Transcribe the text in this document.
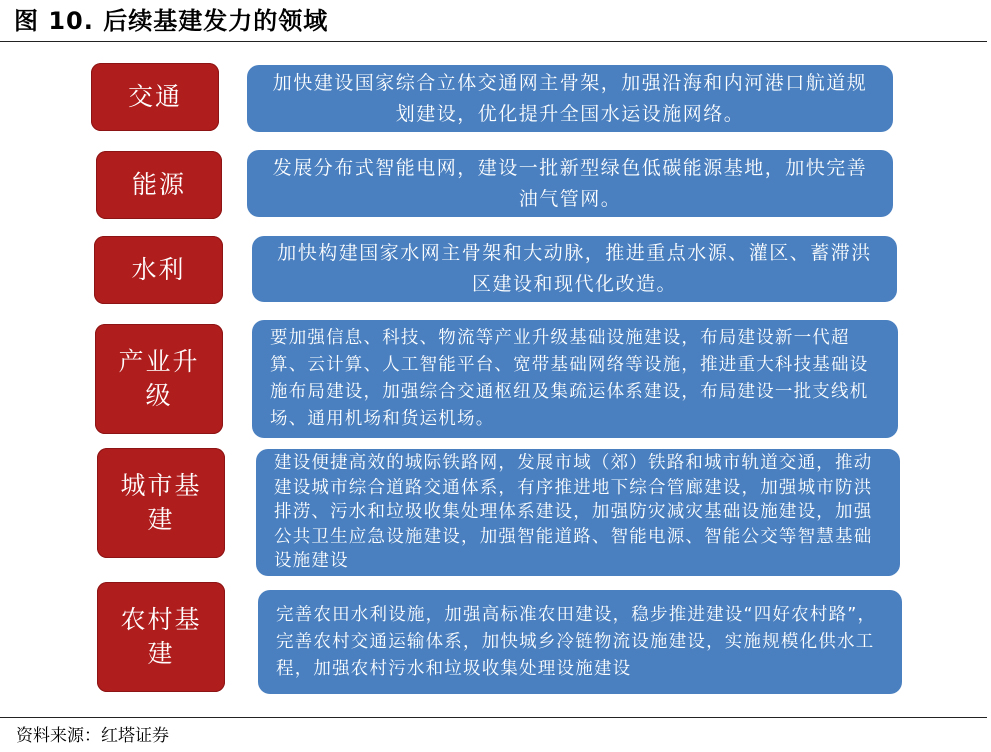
图 10. 后续基建发力的领域
交通	加快建设国家综合立体交通网主骨架，加强沿海和内河港口航道规划建设，优化提升全国水运设施网络。
能源
发展分布式智能电网，建设一批新型绿色低碳能源基地，加快完善油气管网。
水利
加快构建国家水网主骨架和大动脉，推进重点水源、灌区、蓄滞洪区建设和现代化改造。
产业升级
要加强信息、科技、物流等产业升级基础设施建设，布局建设新一代超算、云计算、人工智能平台、宽带基础网络等设施，推进重大科技基础设施布局建设，加强综合交通枢纽及集疏运体系建设，布局建设一批支线机场、通用机场和货运机场。
城市基建
建设便捷高效的城际铁路网，发展市域（郊）铁路和城市轨道交通，推动建设城市综合道路交通体系，有序推进地下综合管廊建设，加强城市防洪排涝、污水和垃圾收集处理体系建设，加强防灾减灾基础设施建设，加强公共卫生应急设施建设，加强智能道路、智能电源、智能公交等智慧基础设施建设
农村基建
完善农田水利设施，加强高标准农田建设，稳步推进建设“四好农村路”，完善农村交通运输体系，加快城乡冷链物流设施建设，实施规模化供水工程，加强农村污水和垃圾收集处理设施建设
资料来源：红塔证券
